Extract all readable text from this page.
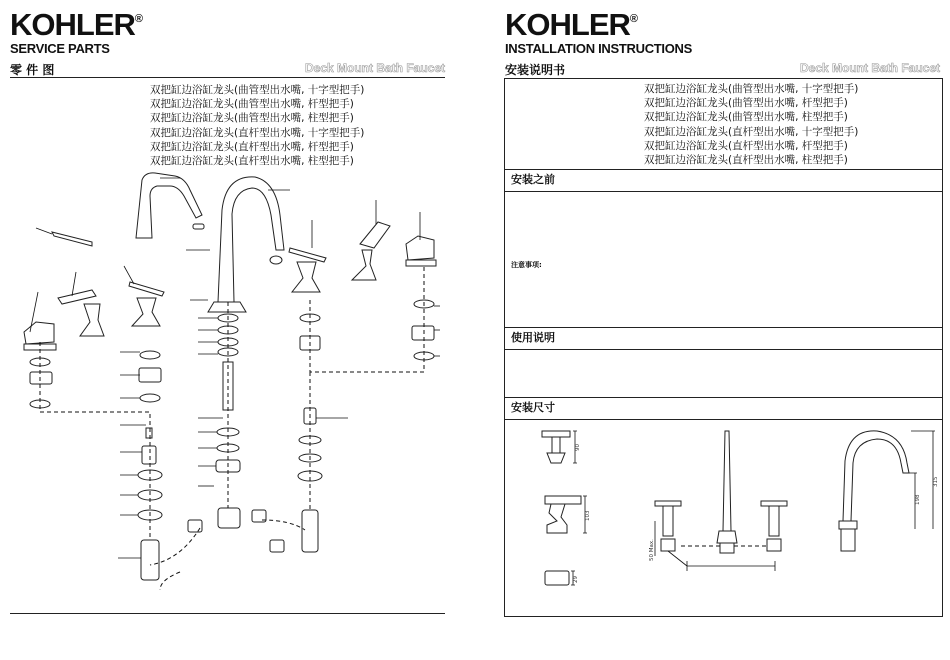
KOHLER®
SERVICE PARTS
零 件 图	Deck Mount Bath Faucet
双把缸边浴缸龙头(曲管型出水嘴, 十字型把手)
双把缸边浴缸龙头(曲管型出水嘴, 杆型把手)
双把缸边浴缸龙头(曲管型出水嘴, 柱型把手)
双把缸边浴缸龙头(直杆型出水嘴, 十字型把手)
双把缸边浴缸龙头(直杆型出水嘴, 杆型把手)
双把缸边浴缸龙头(直杆型出水嘴, 柱型把手)
KOHLER®
INSTALLATION INSTRUCTIONS
安装说明书	Deck Mount Bath Faucet
双把缸边浴缸龙头(曲管型出水嘴, 十字型把手)
双把缸边浴缸龙头(曲管型出水嘴, 杆型把手)
双把缸边浴缸龙头(曲管型出水嘴, 柱型把手)
双把缸边浴缸龙头(直杆型出水嘴, 十字型把手)
双把缸边浴缸龙头(直杆型出水嘴, 杆型把手)
双把缸边浴缸龙头(直杆型出水嘴, 柱型把手)
安装之前
注意事项:
使用说明
安装尺寸
90
103
29
50 Max.
198
315
